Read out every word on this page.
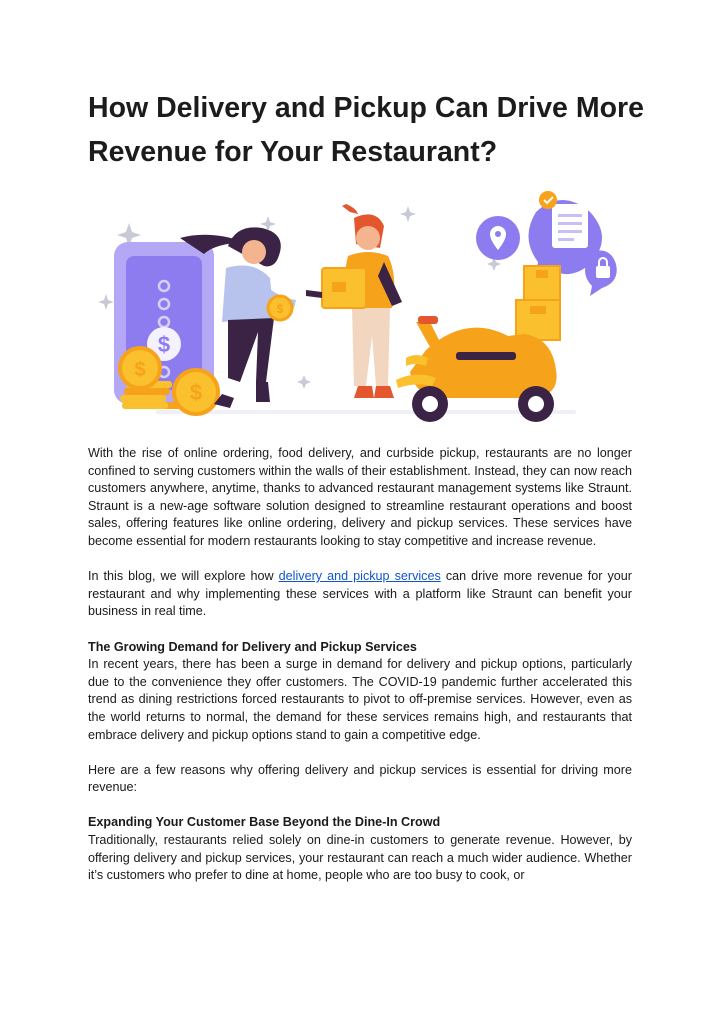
How Delivery and Pickup Can Drive More Revenue for Your Restaurant?
$
$
$
$

With the rise of online ordering, food delivery, and curbside pickup, restaurants are no longer confined to serving customers within the walls of their establishment. Instead, they can now reach customers anywhere, anytime, thanks to advanced restaurant management systems like Straunt. Straunt is a new-age software solution designed to streamline restaurant operations and boost sales, offering features like online ordering, delivery and pickup services. These services have become essential for modern restaurants looking to stay competitive and increase revenue.

In this blog, we will explore how delivery and pickup services can drive more revenue for your restaurant and why implementing these services with a platform like Straunt can benefit your business in real time.

The Growing Demand for Delivery and Pickup Services

In recent years, there has been a surge in demand for delivery and pickup options, particularly due to the convenience they offer customers. The COVID-19 pandemic further accelerated this trend as dining restrictions forced restaurants to pivot to off-premise services. However, even as the world returns to normal, the demand for these services remains high, and restaurants that embrace delivery and pickup options stand to gain a competitive edge.

Here are a few reasons why offering delivery and pickup services is essential for driving more revenue:

Expanding Your Customer Base Beyond the Dine-In Crowd

Traditionally, restaurants relied solely on dine-in customers to generate revenue. However, by offering delivery and pickup services, your restaurant can reach a much wider audience. Whether it’s customers who prefer to dine at home, people who are too busy to cook, or
